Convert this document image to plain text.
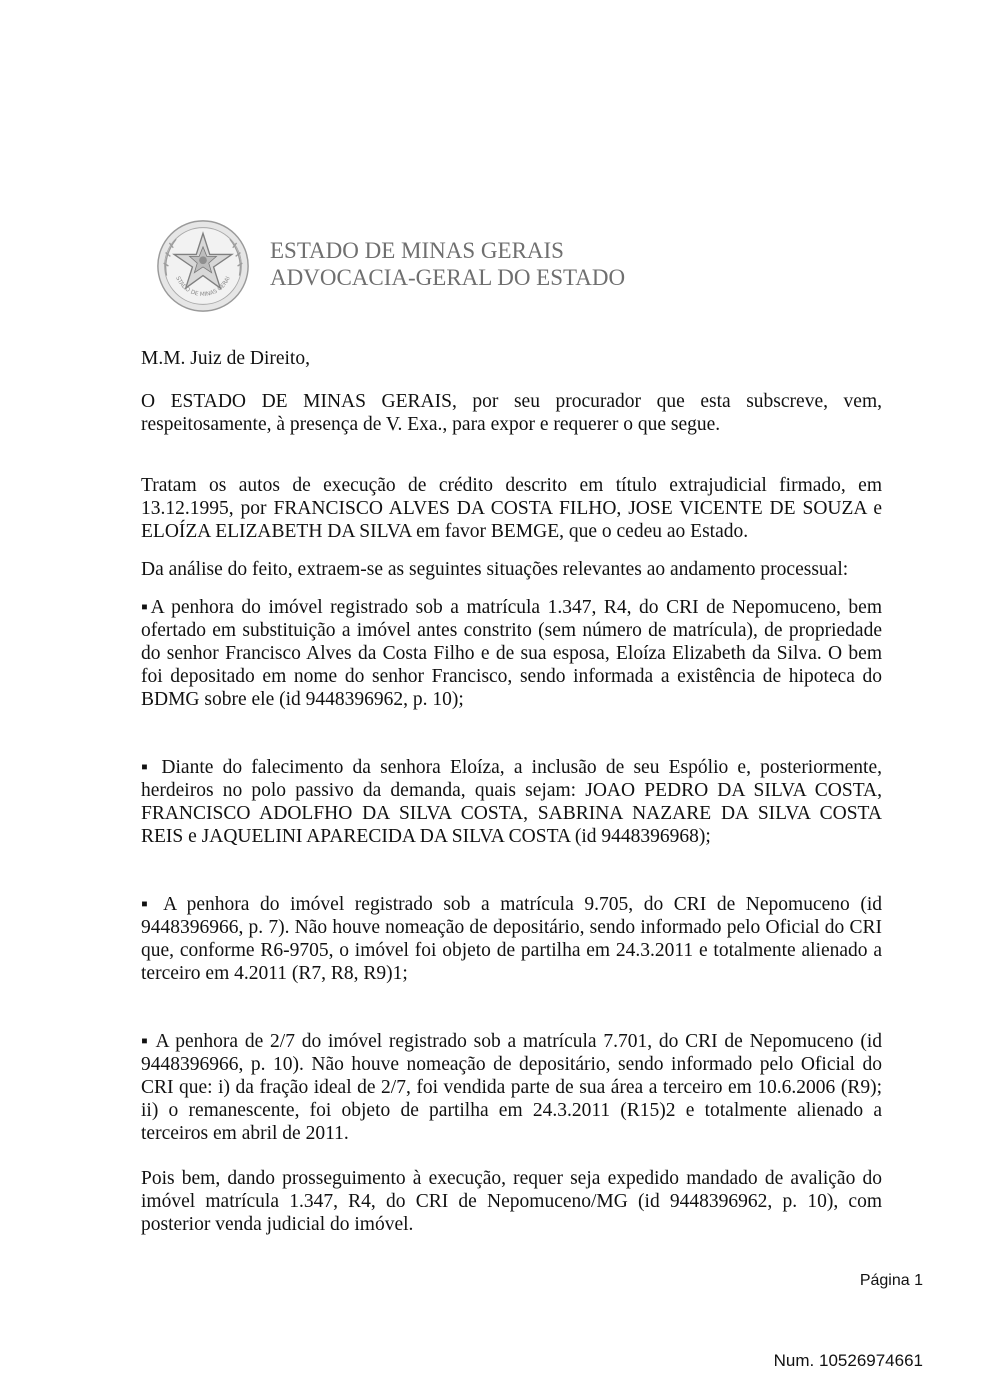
STADO DE MINAS GERAI
ESTADO DE MINAS GERAIS
ADVOCACIA-GERAL DO ESTADO

M.M. Juiz de Direito,

O ESTADO DE MINAS GERAIS, por seu procurador que esta subscreve, vem, respeitosamente, à presença de V. Exa., para expor e requerer o que segue.

Tratam os autos de execução de crédito descrito em título extrajudicial firmado, em 13.12.1995, por FRANCISCO ALVES DA COSTA FILHO, JOSE VICENTE DE SOUZA e ELOÍZA ELIZABETH DA SILVA em favor BEMGE, que o cedeu ao Estado.

Da análise do feito, extraem-se as seguintes situações relevantes ao andamento processual:

▪A penhora do imóvel registrado sob a matrícula 1.347, R4, do CRI de Nepomuceno, bem ofertado em substituição a imóvel antes constrito (sem número de matrícula), de propriedade do senhor Francisco Alves da Costa Filho e de sua esposa, Eloíza Elizabeth da Silva. O bem foi depositado em nome do senhor Francisco, sendo informada a existência de hipoteca do BDMG sobre ele (id 9448396962, p. 10);

▪ Diante do falecimento da senhora Eloíza, a inclusão de seu Espólio e, posteriormente, herdeiros no polo passivo da demanda, quais sejam: JOAO PEDRO DA SILVA COSTA, FRANCISCO ADOLFHO DA SILVA COSTA, SABRINA NAZARE DA SILVA COSTA REIS e JAQUELINI APARECIDA DA SILVA COSTA (id 9448396968);

▪ A penhora do imóvel registrado sob a matrícula 9.705, do CRI de Nepomuceno (id 9448396966, p. 7). Não houve nomeação de depositário, sendo informado pelo Oficial do CRI que, conforme R6-9705, o imóvel foi objeto de partilha em 24.3.2011 e totalmente alienado a terceiro em 4.2011 (R7, R8, R9)1;

▪ A penhora de 2/7 do imóvel registrado sob a matrícula 7.701, do CRI de Nepomuceno (id 9448396966, p. 10). Não houve nomeação de depositário, sendo informado pelo Oficial do CRI que: i) da fração ideal de 2/7, foi vendida parte de sua área a terceiro em 10.6.2006 (R9); ii) o remanescente, foi objeto de partilha em 24.3.2011 (R15)2 e totalmente alienado a terceiros em abril de 2011.

Pois bem, dando prosseguimento à execução, requer seja expedido mandado de avalição do imóvel matrícula 1.347, R4, do CRI de Nepomuceno/MG (id 9448396962, p. 10), com posterior venda judicial do imóvel.

Página 1
Num. 10526974661
